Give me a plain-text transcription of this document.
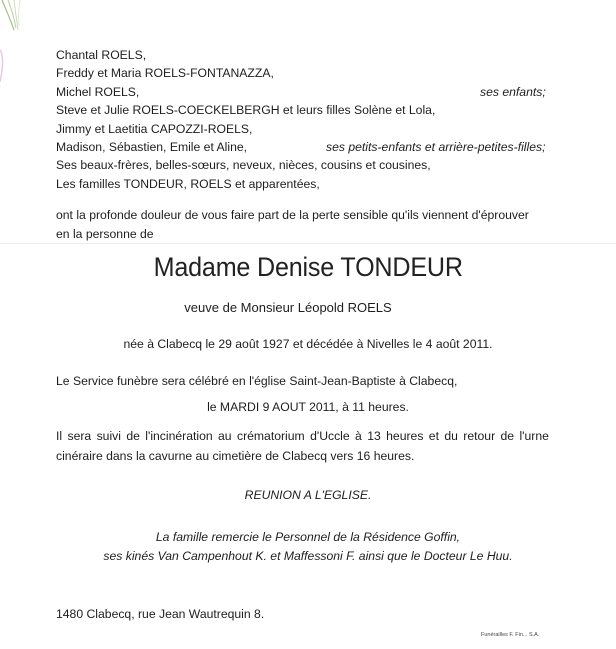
Chantal ROELS,
Freddy et Maria ROELS-FONTANAZZA,
Michel ROELS,	ses enfants;
Steve et Julie ROELS-COECKELBERGH et leurs filles Solène et Lola,
Jimmy et Laetitia CAPOZZI-ROELS,
Madison, Sébastien, Emile et Aline,	ses petits-enfants et arrière-petites-filles;
Ses beaux-frères, belles-sœurs, neveux, nièces, cousins et cousines,
Les familles TONDEUR, ROELS et apparentées,
ont la profonde douleur de vous faire part de la perte sensible qu'ils viennent d'éprouver
en la personne de
Madame Denise TONDEUR
veuve de Monsieur Léopold ROELS
née à Clabecq le 29 août 1927 et décédée à Nivelles le 4 août 2011.
Le Service funèbre sera célébré en l'église Saint-Jean-Baptiste à Clabecq,
le MARDI 9 AOUT 2011, à 11 heures.
Il sera suivi de l'incinération au crématorium d'Uccle à 13 heures et du retour de l'urne
cinéraire dans la cavurne au cimetière de Clabecq vers 16 heures.
REUNION A L'EGLISE.
La famille remercie le Personnel de la Résidence Goffin,
ses kinés Van Campenhout K. et Maffessoni F. ainsi que le Docteur Le Huu.
1480 Clabecq, rue Jean Wautrequin 8.
Funérailles F. Fin... S.A.
